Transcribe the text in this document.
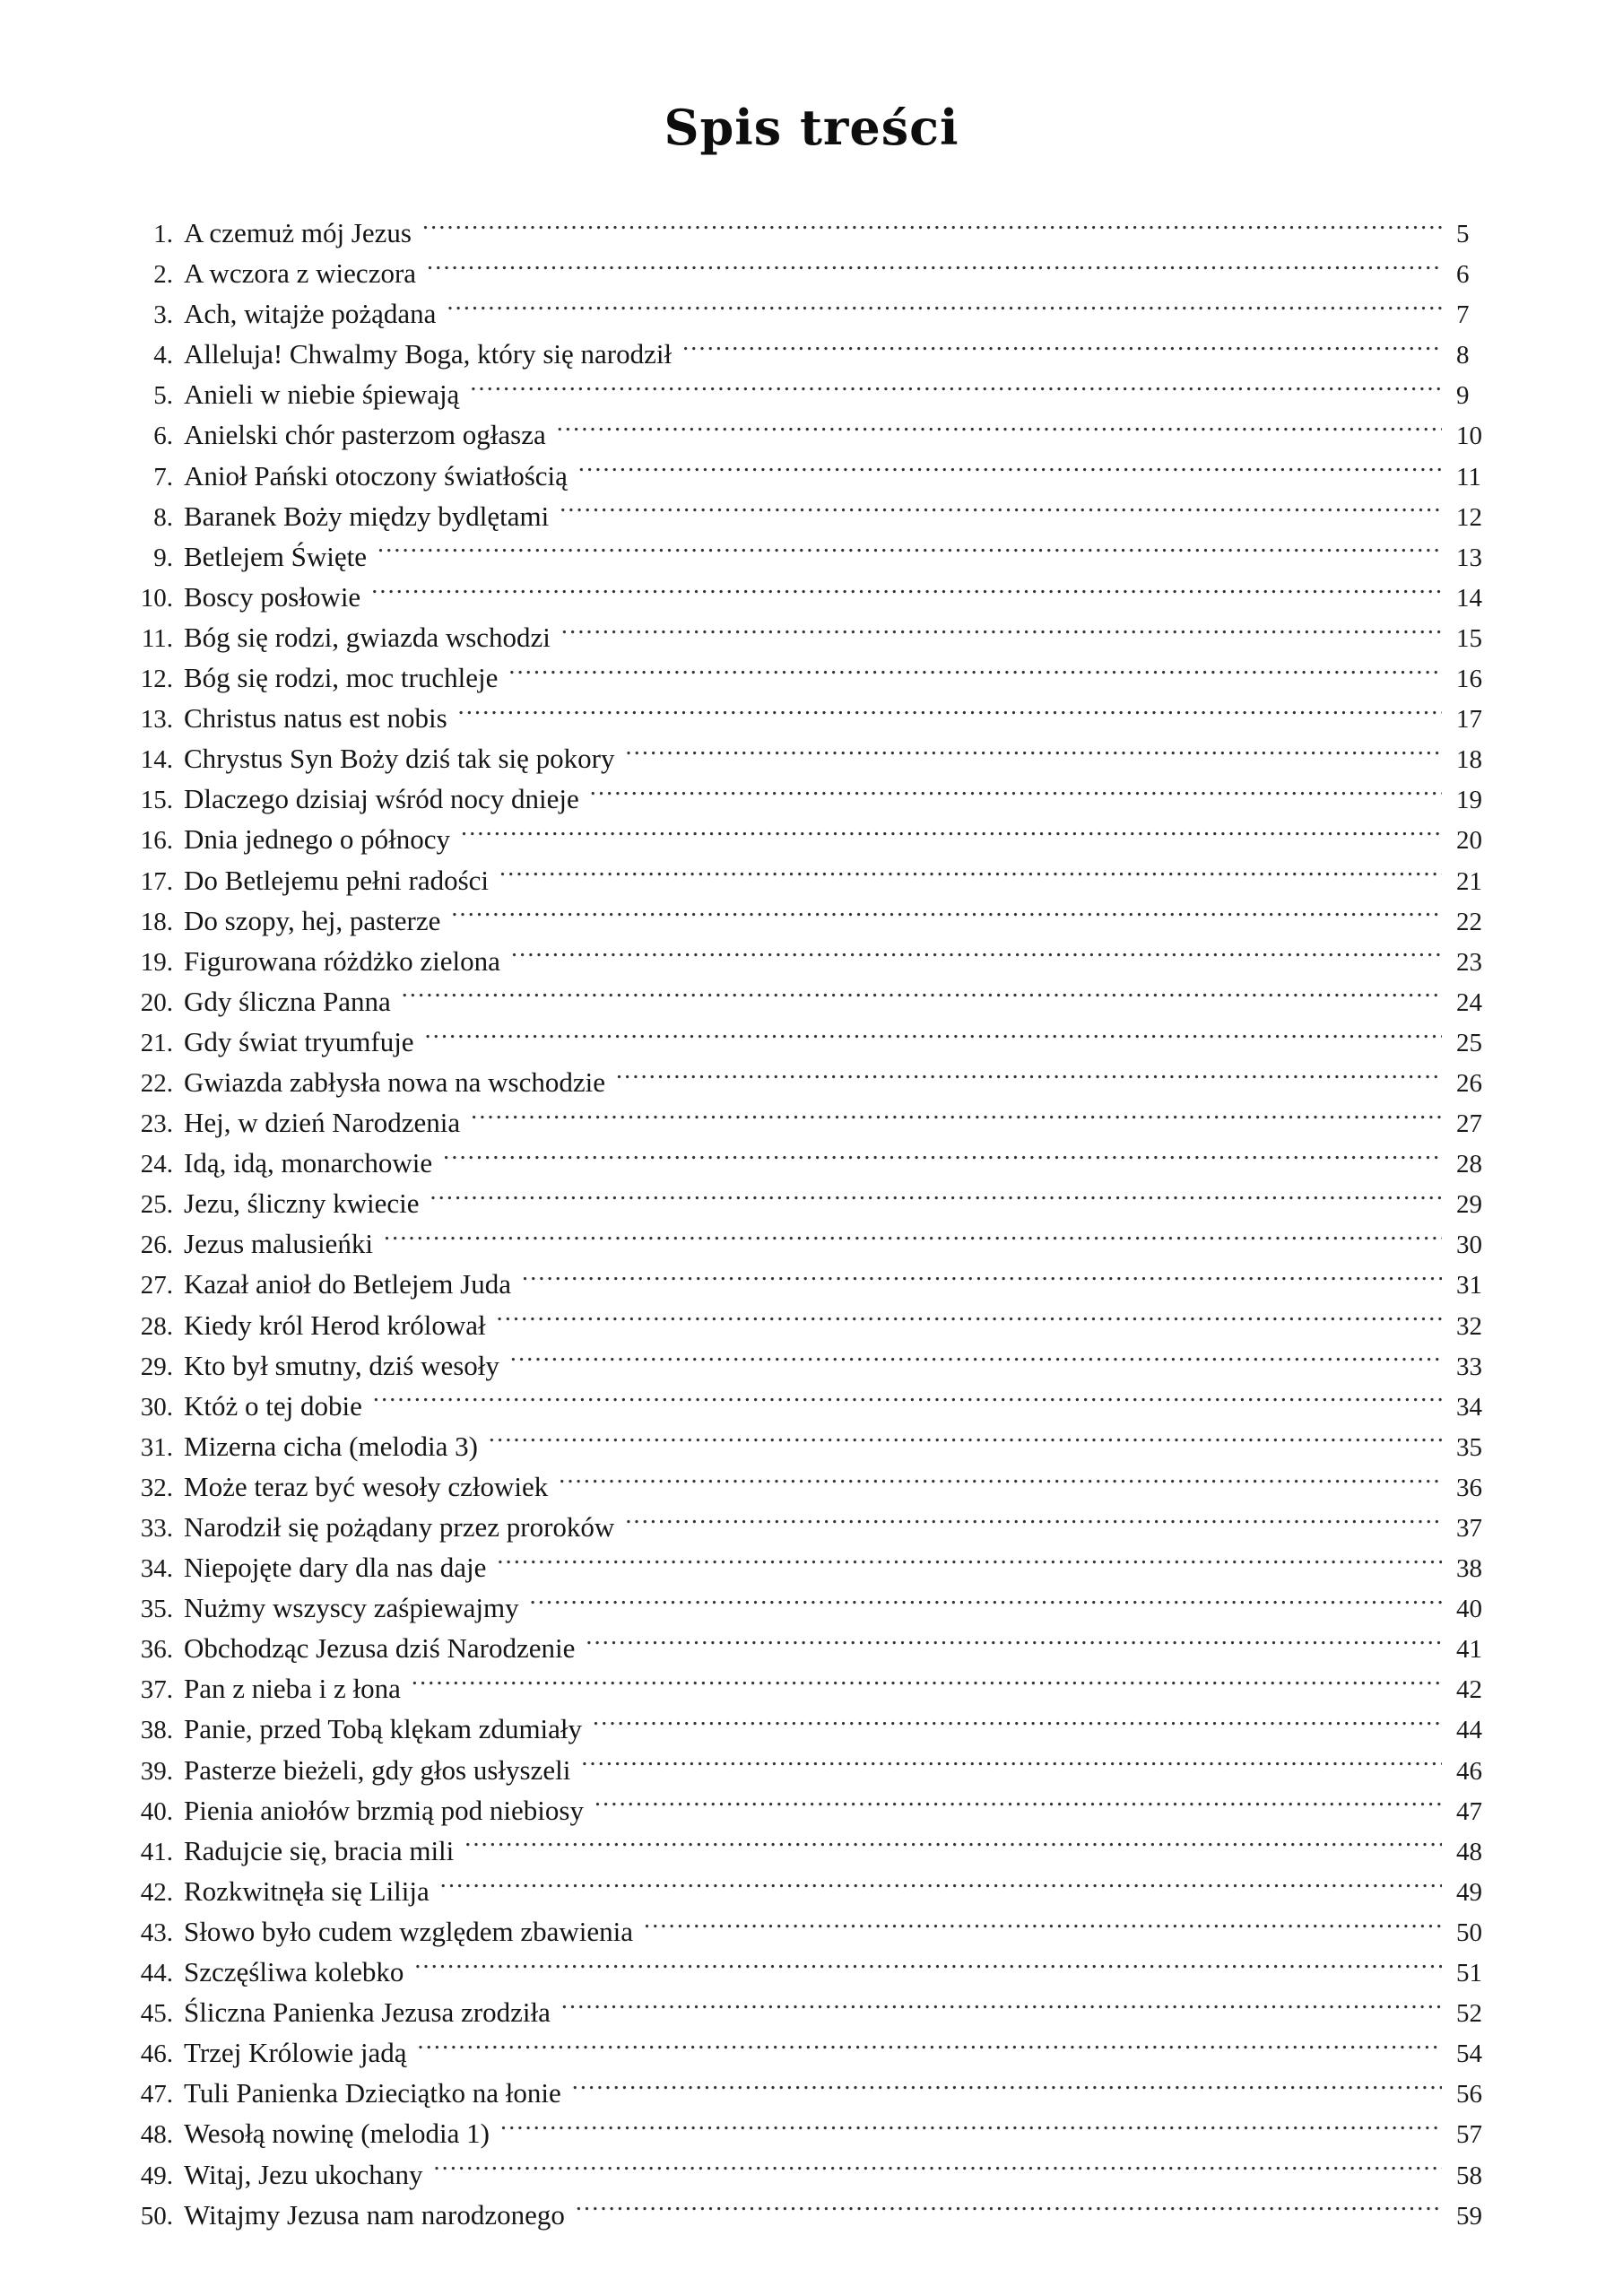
Spis treści
1. A czemuż mój Jezus .....	5
2. A wczora z wieczora .....	6
3. Ach, witajże pożądana .....	7
4. Alleluja! Chwalmy Boga, który się narodził .....	8
5. Anieli w niebie śpiewają .....	9
6. Anielski chór pasterzom ogłasza .....	10
7. Anioł Pański otoczony światłością .....	11
8. Baranek Boży między bydlętami .....	12
9. Betlejem Święte .....	13
10. Boscy posłowie .....	14
11. Bóg się rodzi, gwiazda wschodzi .....	15
12. Bóg się rodzi, moc truchleje .....	16
13. Christus natus est nobis .....	17
14. Chrystus Syn Boży dziś tak się pokory .....	18
15. Dlaczego dzisiaj wśród nocy dnieje .....	19
16. Dnia jednego o północy .....	20
17. Do Betlejemu pełni radości .....	21
18. Do szopy, hej, pasterze .....	22
19. Figurowana różdżko zielona .....	23
20. Gdy śliczna Panna .....	24
21. Gdy świat tryumfuje .....	25
22. Gwiazda zabłysła nowa na wschodzie .....	26
23. Hej, w dzień Narodzenia .....	27
24. Idą, idą, monarchowie .....	28
25. Jezu, śliczny kwiecie .....	29
26. Jezus malusieńki .....	30
27. Kazał anioł do Betlejem Juda .....	31
28. Kiedy król Herod królował .....	32
29. Kto był smutny, dziś wesoły .....	33
30. Któż o tej dobie .....	34
31. Mizerna cicha (melodia 3) .....	35
32. Może teraz być wesoły człowiek .....	36
33. Narodził się pożądany przez proroków .....	37
34. Niepojęte dary dla nas daje .....	38
35. Nużmy wszyscy zaśpiewajmy .....	40
36. Obchodząc Jezusa dziś Narodzenie .....	41
37. Pan z nieba i z łona .....	42
38. Panie, przed Tobą klękam zdumiały .....	44
39. Pasterze bieżeli, gdy głos usłyszeli .....	46
40. Pienia aniołów brzmią pod niebiosy .....	47
41. Radujcie się, bracia mili .....	48
42. Rozkwitnęła się Lilija .....	49
43. Słowo było cudem względem zbawienia .....	50
44. Szczęśliwa kolebko .....	51
45. Śliczna Panienka Jezusa zrodziła .....	52
46. Trzej Królowie jadą .....	54
47. Tuli Panienka Dzieciątko na łonie .....	56
48. Wesołą nowinę (melodia 1) .....	57
49. Witaj, Jezu ukochany .....	58
50. Witajmy Jezusa nam narodzonego .....	59
